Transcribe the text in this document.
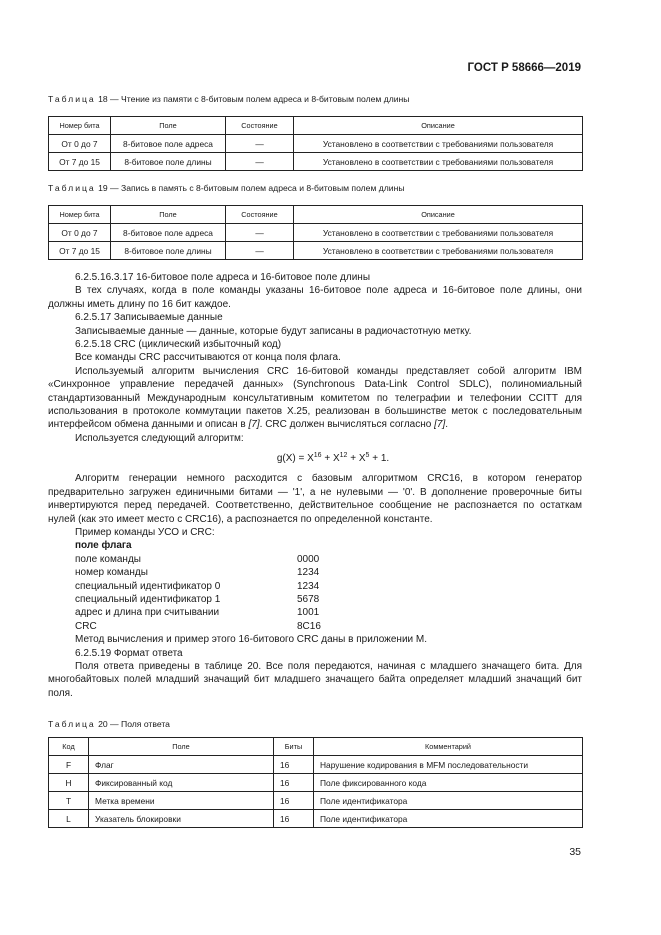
ГОСТ Р 58666—2019
Таблица 18 — Чтение из памяти с 8-битовым полем адреса и 8-битовым полем длины
Номер бита	Поле	Состояние	Описание
От 0 до 7	8-битовое поле адреса	—	Установлено в соответствии с требованиями пользователя
От 7 до 15	8-битовое поле длины	—	Установлено в соответствии с требованиями пользователя
Таблица 19 — Запись в память с 8-битовым полем адреса и 8-битовым полем длины
Номер бита	Поле	Состояние	Описание
От 0 до 7	8-битовое поле адреса	—	Установлено в соответствии с требованиями пользователя
От 7 до 15	8-битовое поле длины	—	Установлено в соответствии с требованиями пользователя

6.2.5.16.3.17 16-битовое поле адреса и 16-битовое поле длины

В тех случаях, когда в поле команды указаны 16-битовое поле адреса и 16-битовое поле длины, они должны иметь длину по 16 бит каждое.

6.2.5.17 Записываемые данные

Записываемые данные — данные, которые будут записаны в радиочастотную метку.

6.2.5.18 CRC (циклический избыточный код)

Все команды CRC рассчитываются от конца поля флага.

Используемый алгоритм вычисления CRC 16-битовой команды представляет собой алгоритм IBM «Синхронное управление передачей данных» (Synchronous Data-Link Control SDLC), полиномиальный стандартизованный Международным консультативным комитетом по телеграфии и телефонии CCITT для использования в протоколе коммутации пакетов X.25, реализован в большинстве меток с последовательным интерфейсом обмена данными и описан в [7]. CRC должен вычисляться согласно [7].

Используется следующий алгоритм:

$g(X) = X^{16} + X^{12} + X^5 + 1$.

Алгоритм генерации немного расходится с базовым алгоритмом CRC16, в котором генератор предварительно загружен единичными битами — '1', а не нулевыми — '0'. В дополнение проверочные биты инвертируются перед передачей. Соответственно, действительное сообщение не распознается по остаткам нулей (как это имеет место с CRC16), а распознается по определенной константе.

Пример команды УСО и CRC:

поле флага

поле команды	0000
номер команды	1234
специальный идентификатор 0	1234
специальный идентификатор 1	5678
адрес и длина при считывании	1001
CRC	8C16

Метод вычисления и пример этого 16-битового CRC даны в приложении М.

6.2.5.19 Формат ответа

Поля ответа приведены в таблице 20. Все поля передаются, начиная с младшего значащего бита. Для многобайтовых полей младший значащий бит младшего значащего байта определяет младший значащий бит поля.

Таблица 20 — Поля ответа
Код	Поле	Биты	Комментарий
F	Флаг	16	Нарушение кодирования в MFM последовательности
H	Фиксированный код	16	Поле фиксированного кода
T	Метка времени	16	Поле идентификатора
L	Указатель блокировки	16	Поле идентификатора
35
